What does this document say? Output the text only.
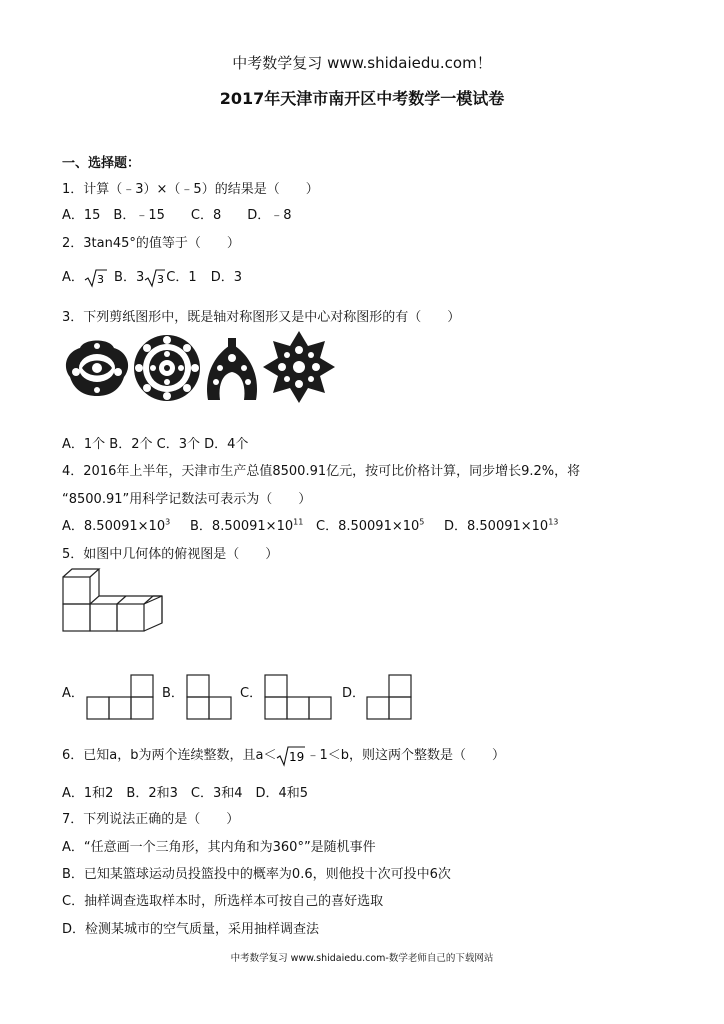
中考数学复习 www.shidaiedu.com！
2017年天津市南开区中考数学一模试卷
一、选择题：
1．计算（﹣3）×（﹣5）的结果是（　　）
A．15　B．﹣15　　C．8　　D．﹣8
2．3tan45°的值等于（　　）
A． 3 B．3 3 C．1 D．3
3．下列剪纸图形中，既是轴对称图形又是中心对称图形的有（　　）
A．1个 B．2个 C．3个 D．4个
4．2016年上半年，天津市生产总值8500.91亿元，按可比价格计算，同步增长9.2%，将
“8500.91”用科学记数法可表示为（　　）
A．$8.50091\times 10^3$ B．$8.50091\times 10^{11}$ C．$8.50091\times 10^5$ D．$8.50091\times 10^{13}$
5．如图中几何体的俯视图是（　　）
A．	B．	C．	D．
6．已知a，b为两个连续整数，且a＜ 19 ﹣1＜b，则这两个整数是（　　）
A．1和2　B．2和3　C．3和4　D．4和5
7．下列说法正确的是（　　）
A．“任意画一个三角形，其内角和为360°”是随机事件
B．已知某篮球运动员投篮投中的概率为0.6，则他投十次可投中6次
C．抽样调查选取样本时，所选样本可按自己的喜好选取
D．检测某城市的空气质量，采用抽样调查法
中考数学复习 www.shidaiedu.com-数学老师自己的下载网站
